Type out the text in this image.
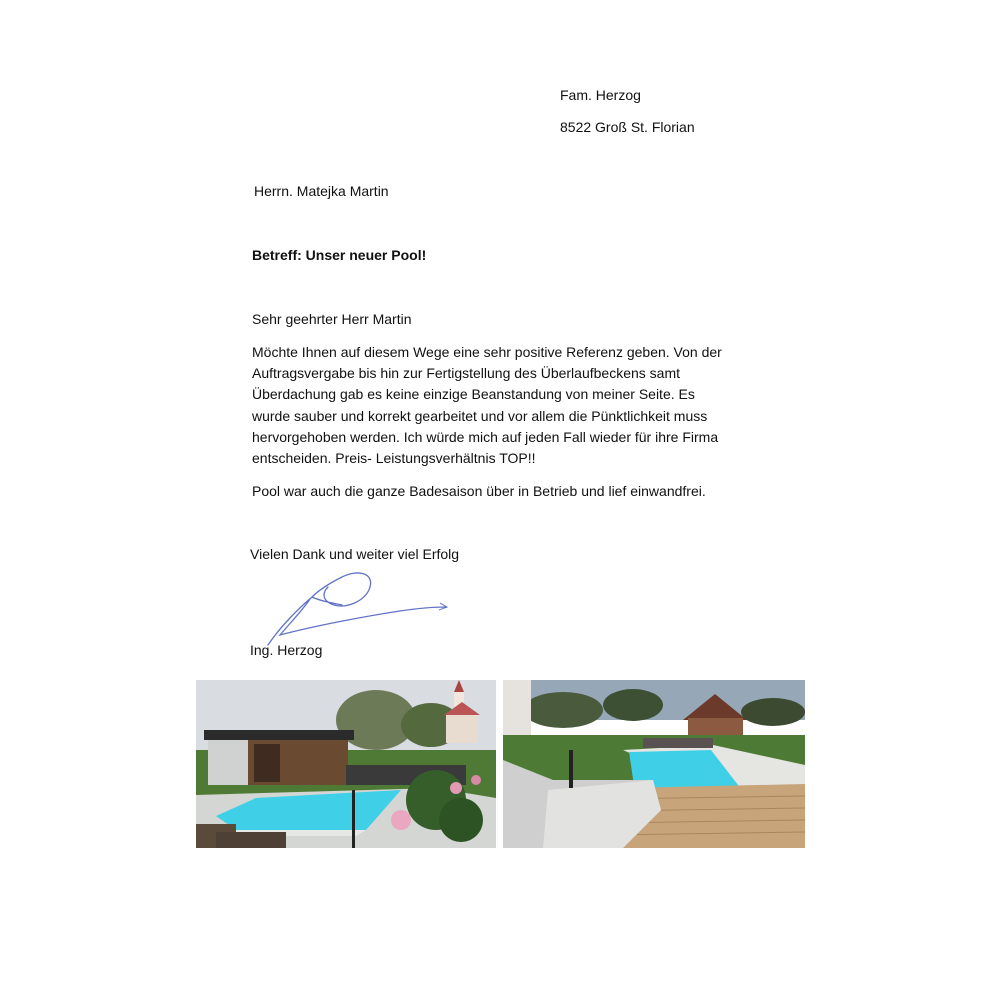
Fam. Herzog
8522 Groß St. Florian
Herrn. Matejka Martin
Betreff: Unser neuer Pool!
Sehr geehrter Herr Martin
Möchte Ihnen auf diesem Wege eine sehr positive Referenz geben. Von der Auftragsvergabe bis hin zur Fertigstellung des Überlaufbeckens samt Überdachung gab es keine einzige Beanstandung von meiner Seite. Es wurde sauber und korrekt gearbeitet und vor allem die Pünktlichkeit muss hervorgehoben werden. Ich würde mich auf jeden Fall wieder für ihre Firma entscheiden. Preis- Leistungsverhältnis TOP!!
Pool war auch die ganze Badesaison über in Betrieb und lief einwandfrei.
Vielen Dank und weiter viel Erfolg
Ing. Herzog
